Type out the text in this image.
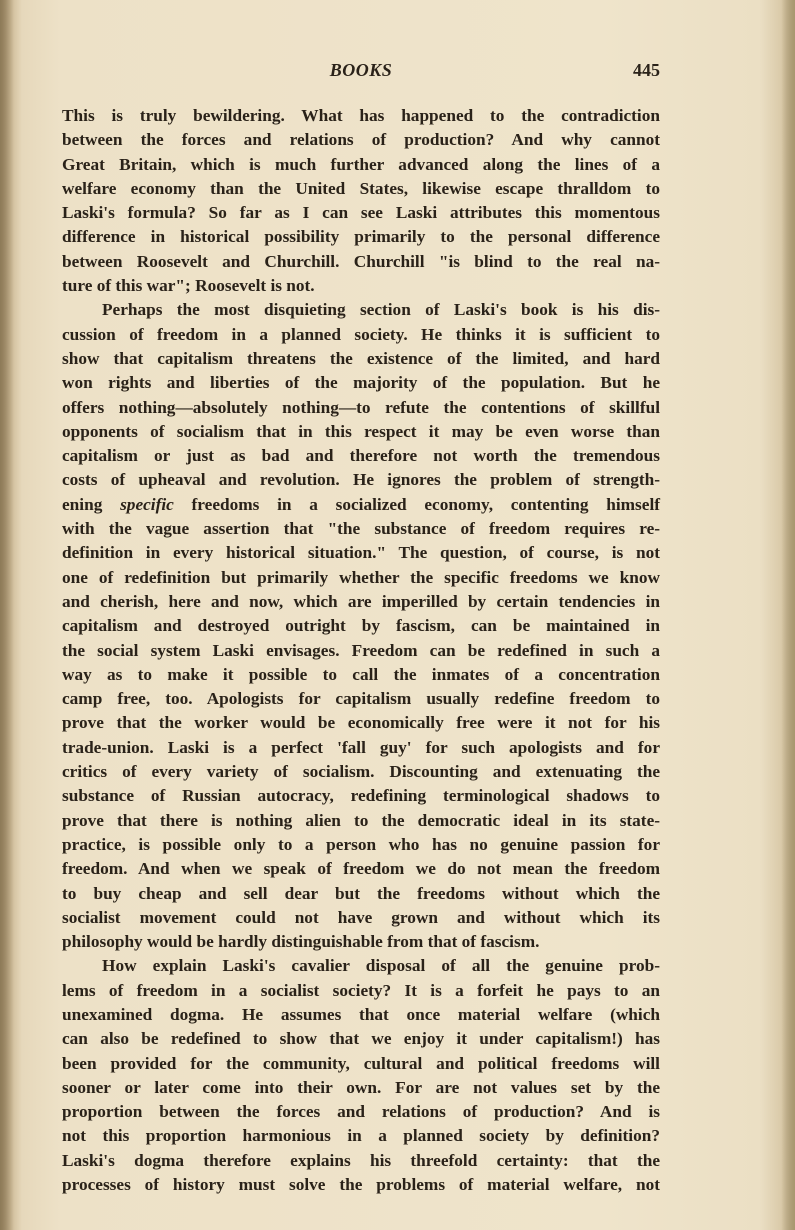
BOOKS	445
This is truly bewildering. What has happened to the contradiction
between the forces and relations of production? And why cannot
Great Britain, which is much further advanced along the lines of a
welfare economy than the United States, likewise escape thralldom to
Laski's formula? So far as I can see Laski attributes this momentous
difference in historical possibility primarily to the personal difference
between Roosevelt and Churchill. Churchill "is blind to the real na-
ture of this war"; Roosevelt is not.
Perhaps the most disquieting section of Laski's book is his dis-
cussion of freedom in a planned society. He thinks it is sufficient to
show that capitalism threatens the existence of the limited, and hard
won rights and liberties of the majority of the population. But he
offers nothing—absolutely nothing—to refute the contentions of skillful
opponents of socialism that in this respect it may be even worse than
capitalism or just as bad and therefore not worth the tremendous
costs of upheaval and revolution. He ignores the problem of strength-
ening specific freedoms in a socialized economy, contenting himself
with the vague assertion that "the substance of freedom requires re-
definition in every historical situation." The question, of course, is not
one of redefinition but primarily whether the specific freedoms we know
and cherish, here and now, which are imperilled by certain tendencies in
capitalism and destroyed outright by fascism, can be maintained in
the social system Laski envisages. Freedom can be redefined in such a
way as to make it possible to call the inmates of a concentration
camp free, too. Apologists for capitalism usually redefine freedom to
prove that the worker would be economically free were it not for his
trade-union. Laski is a perfect 'fall guy' for such apologists and for
critics of every variety of socialism. Discounting and extenuating the
substance of Russian autocracy, redefining terminological shadows to
prove that there is nothing alien to the democratic ideal in its state-
practice, is possible only to a person who has no genuine passion for
freedom. And when we speak of freedom we do not mean the freedom
to buy cheap and sell dear but the freedoms without which the
socialist movement could not have grown and without which its
philosophy would be hardly distinguishable from that of fascism.
How explain Laski's cavalier disposal of all the genuine prob-
lems of freedom in a socialist society? It is a forfeit he pays to an
unexamined dogma. He assumes that once material welfare (which
can also be redefined to show that we enjoy it under capitalism!) has
been provided for the community, cultural and political freedoms will
sooner or later come into their own. For are not values set by the
proportion between the forces and relations of production? And is
not this proportion harmonious in a planned society by definition?
Laski's dogma therefore explains his threefold certainty: that the
processes of history must solve the problems of material welfare, not
